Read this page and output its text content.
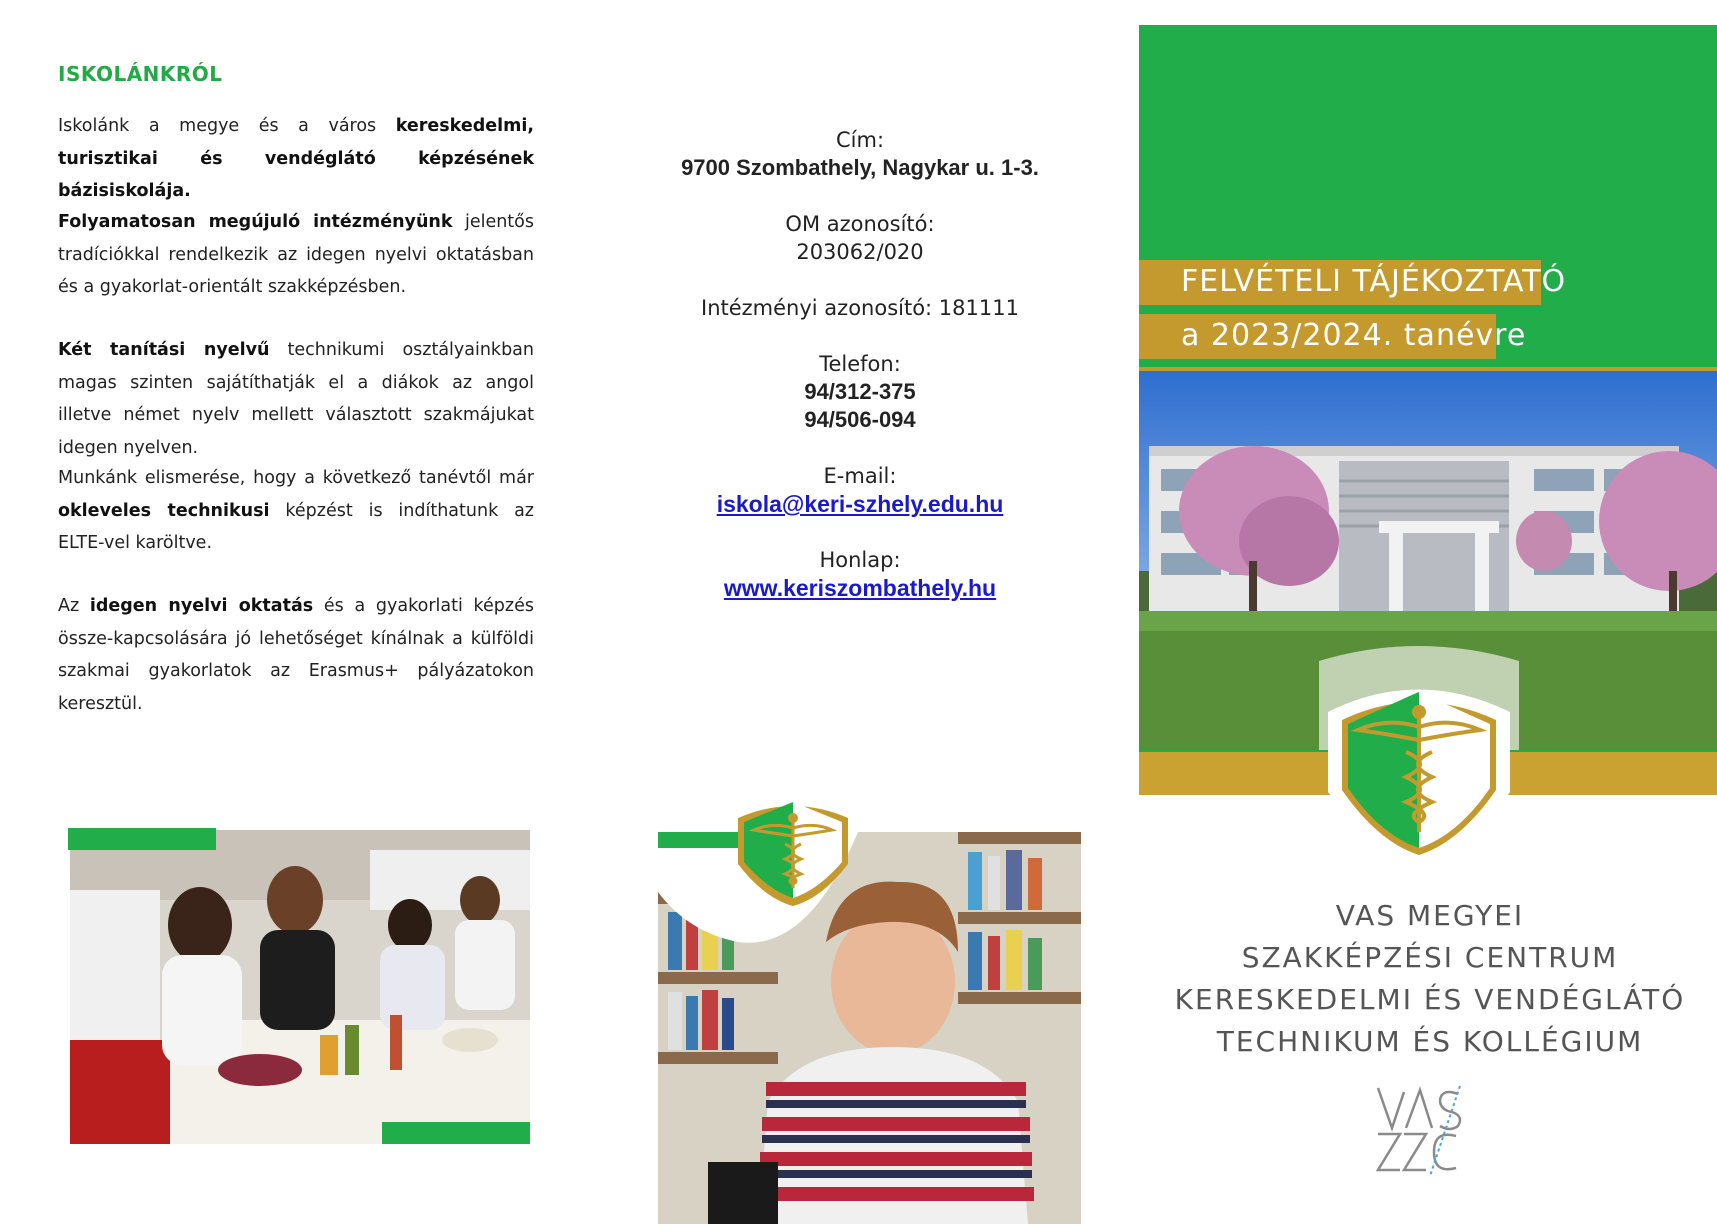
ISKOLÁNKRÓL
Iskolánk a megye és a város kereskedelmi, turisztikai és vendéglátó képzésének bázisiskolája.
Folyamatosan megújuló intézményünk jelentős tradíciókkal rendelkezik az idegen nyelvi oktatásban és a gyakorlat-orientált szakképzésben.
Két tanítási nyelvű technikumi osztályainkban magas szinten sajátíthatják el a diákok az angol illetve német nyelv mellett választott szakmájukat idegen nyelven.
Munkánk elismerése, hogy a következő tanévtől már okleveles technikusi képzést is indíthatunk az ELTE-vel karöltve.
Az idegen nyelvi oktatás és a gyakorlati képzés össze-kapcsolására jó lehetőséget kínálnak a külföldi szakmai gyakorlatok az Erasmus+ pályázatokon keresztül.
Cím:
9700 Szombathely, Nagykar u. 1-3.
OM azonosító:
203062/020
Intézményi azonosító: 181111
Telefon:
94/312-375
94/506-094
E-mail:
iskola@keri-szhely.edu.hu
Honlap:
www.keriszombathely.hu
FELVÉTELI TÁJÉKOZTATÓ
a 2023/2024. tanévre
VAS MEGYEI
SZAKKÉPZÉSI CENTRUM
KERESKEDELMI ÉS VENDÉGLÁTÓ
TECHNIKUM ÉS KOLLÉGIUM
